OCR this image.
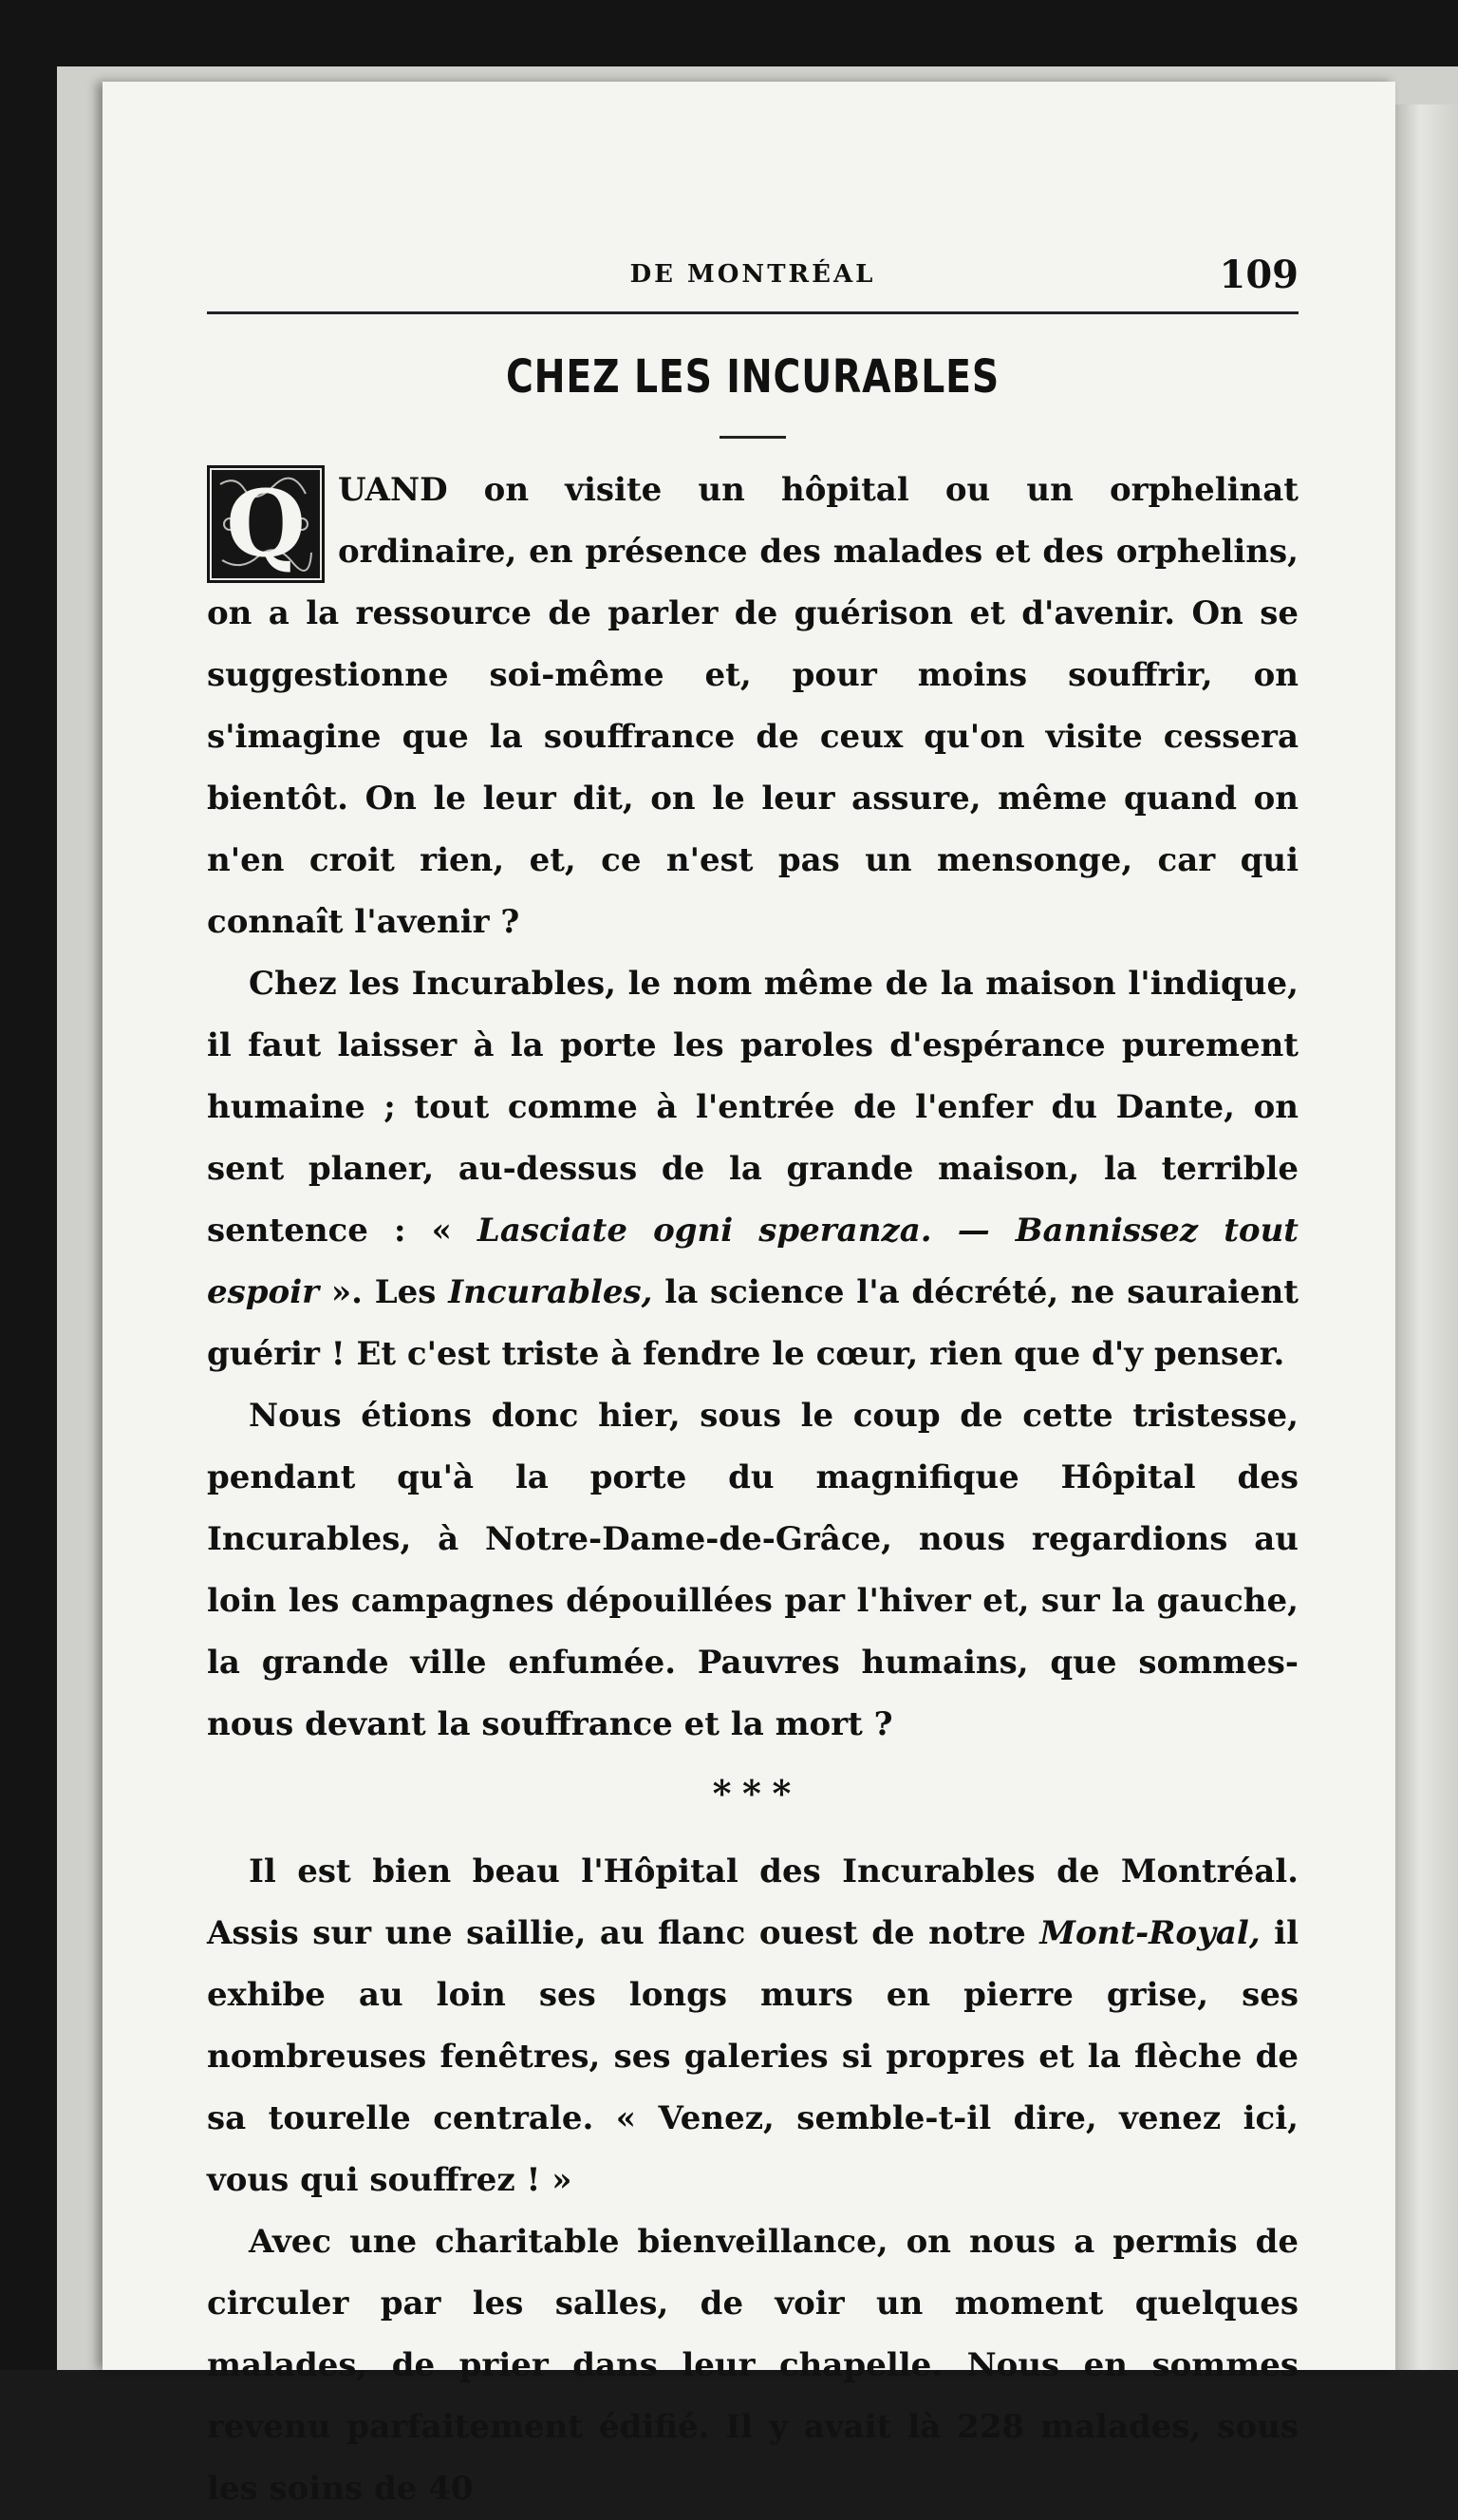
DE MONTRÉAL	109
CHEZ LES INCURABLES

Q	UAND on visite un hôpital ou un orphelinat ordinaire, en présence des malades et des orphelins, on a la ressource de parler de guérison et d'avenir. On se suggestionne soi-même et, pour moins souffrir, on s'imagine que la souffrance de ceux qu'on visite cessera bientôt. On le leur dit, on le leur assure, même quand on n'en croit rien, et, ce n'est pas un mensonge, car qui connaît l'avenir ?

Chez les Incurables, le nom même de la maison l'indique, il faut laisser à la porte les paroles d'espérance purement humaine ; tout comme à l'entrée de l'enfer du Dante, on sent planer, au-dessus de la grande maison, la terrible sentence : « Lasciate ogni speranza. — Bannissez tout espoir ». Les Incurables, la science l'a décrété, ne sauraient guérir ! Et c'est triste à fendre le cœur, rien que d'y penser.

Nous étions donc hier, sous le coup de cette tristesse, pendant qu'à la porte du magnifique Hôpital des Incurables, à Notre-Dame-de-Grâce, nous regardions au loin les campagnes dépouillées par l'hiver et, sur la gauche, la grande ville enfumée. Pauvres humains, que sommes-nous devant la souffrance et la mort ?

* * *

Il est bien beau l'Hôpital des Incurables de Montréal. Assis sur une saillie, au flanc ouest de notre Mont-Royal, il exhibe au loin ses longs murs en pierre grise, ses nombreuses fenêtres, ses galeries si propres et la flèche de sa tourelle centrale. « Venez, semble-t-il dire, venez ici, vous qui souffrez ! »

Avec une charitable bienveillance, on nous a permis de circuler par les salles, de voir un moment quelques malades, de prier dans leur chapelle. Nous en sommes revenu parfaitement édifié. Il y avait là 228 malades, sous les soins de 40
